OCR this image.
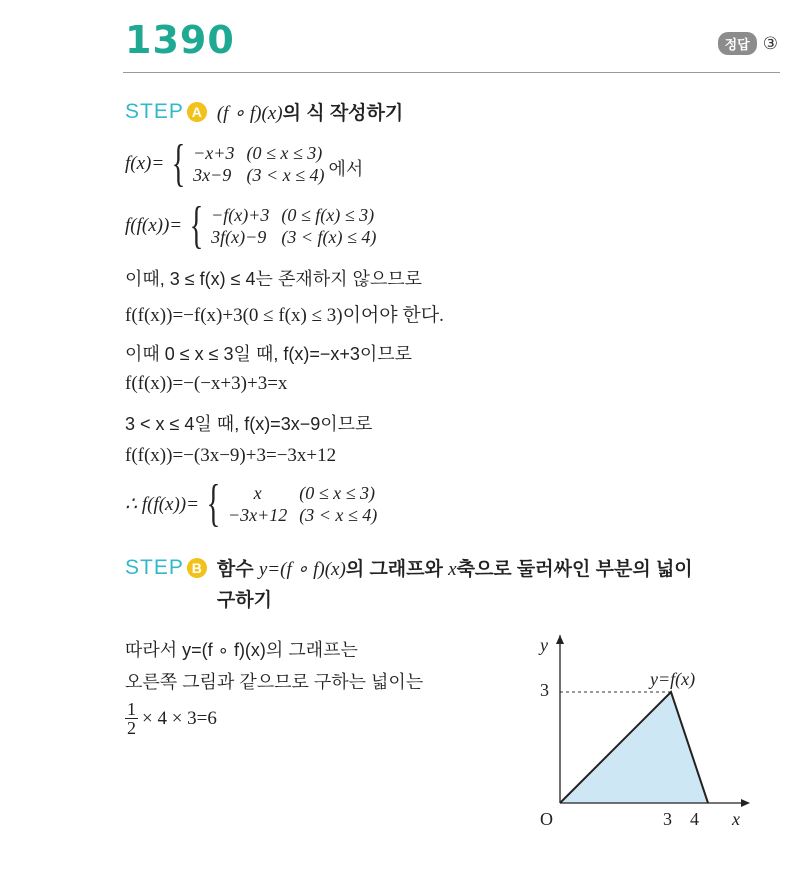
1390	정답 ③
STEP A (f ∘ f)(x)의 식 작성하기
f(x)= { −x+3 (0 ≤ x ≤ 3)
3x−9 (3 < x ≤ 4) 에서
f(f(x))= { −f(x)+3 (0 ≤ f(x) ≤ 3)
3f(x)−9 (3 < f(x) ≤ 4)
이때, 3 ≤ f(x) ≤ 4는 존재하지 않으므로
f(f(x))=−f(x)+3(0 ≤ f(x) ≤ 3)이어야 한다.
이때 0 ≤ x ≤ 3일 때, f(x)=−x+3이므로
f(f(x))=−(−x+3)+3=x
3 < x ≤ 4일 때, f(x)=3x−9이므로
f(f(x))=−(3x−9)+3=−3x+12
∴ f(f(x))= {	x	(0 ≤ x ≤ 3)
−3x+12 (3 < x ≤ 4)
STEP B 함수 y=(f ∘ f)(x)의 그래프와 x축으로 둘러싸인 부분의 넓이
구하기
따라서 y=(f ∘ f)(x)의 그래프는
오른쪽 그림과 같으므로 구하는 넓이는
$\frac{1}{2} \times 4 \times 3=6$
y
x
O
3
3 4
y=f(x)
